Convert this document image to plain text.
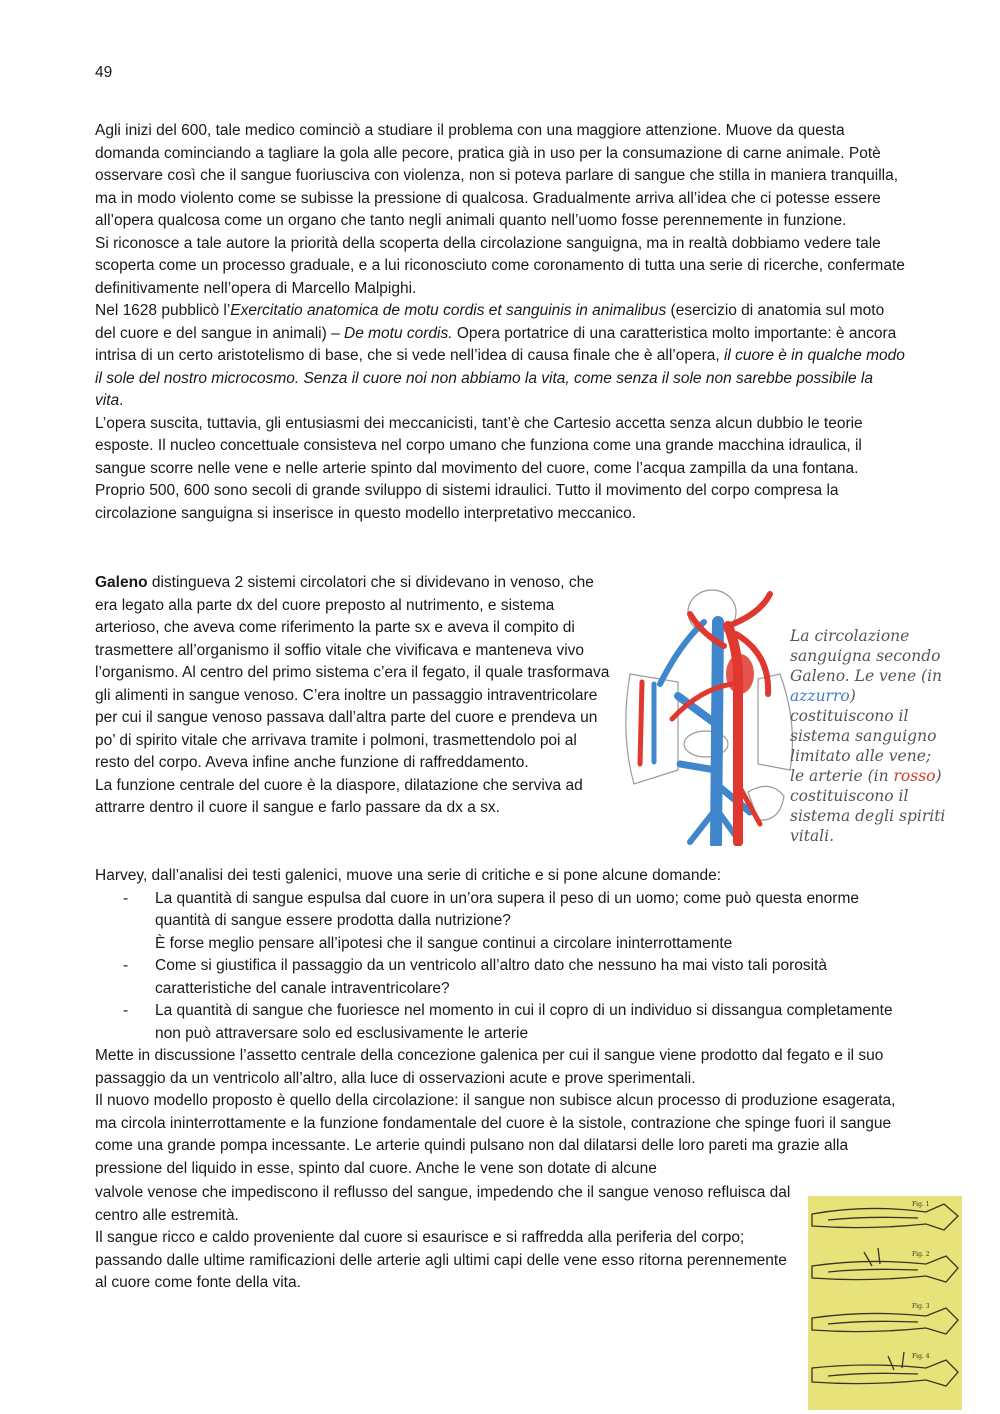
49

Agli inizi del 600, tale medico cominciò a studiare il problema con una maggiore attenzione. Muove da questa domanda cominciando a tagliare la gola alle pecore, pratica già in uso per la consumazione di carne animale. Potè osservare così che il sangue fuoriusciva con violenza, non si poteva parlare di sangue che stilla in maniera tranquilla, ma in modo violento come se subisse la pressione di qualcosa. Gradualmente arriva all’idea che ci potesse essere all’opera qualcosa come un organo che tanto negli animali quanto nell’uomo fosse perennemente in funzione.

Si riconosce a tale autore la priorità della scoperta della circolazione sanguigna, ma in realtà dobbiamo vedere tale scoperta come un processo graduale, e a lui riconosciuto come coronamento di tutta una serie di ricerche, confermate definitivamente nell’opera di Marcello Malpighi.

Nel 1628 pubblicò l’Exercitatio anatomica de motu cordis et sanguinis in animalibus (esercizio di anatomia sul moto del cuore e del sangue in animali) – De motu cordis. Opera portatrice di una caratteristica molto importante: è ancora intrisa di un certo aristotelismo di base, che si vede nell’idea di causa finale che è all’opera, il cuore è in qualche modo il sole del nostro microcosmo. Senza il cuore noi non abbiamo la vita, come senza il sole non sarebbe possibile la vita.

L’opera suscita, tuttavia, gli entusiasmi dei meccanicisti, tant’è che Cartesio accetta senza alcun dubbio le teorie esposte. Il nucleo concettuale consisteva nel corpo umano che funziona come una grande macchina idraulica, il sangue scorre nelle vene e nelle arterie spinto dal movimento del cuore, come l’acqua zampilla da una fontana. Proprio 500, 600 sono secoli di grande sviluppo di sistemi idraulici. Tutto il movimento del corpo compresa la circolazione sanguigna si inserisce in questo modello interpretativo meccanico.

Galeno distingueva 2 sistemi circolatori che si dividevano in venoso, che era legato alla parte dx del cuore preposto al nutrimento, e sistema arterioso, che aveva come riferimento la parte sx e aveva il compito di trasmettere all’organismo il soffio vitale che vivificava e manteneva vivo l’organismo. Al centro del primo sistema c’era il fegato, il quale trasformava gli alimenti in sangue venoso. C’era inoltre un passaggio intraventricolare per cui il sangue venoso passava dall’altra parte del cuore e prendeva un po’ di spirito vitale che arrivava tramite i polmoni, trasmettendolo poi al resto del corpo. Aveva infine anche funzione di raffreddamento.

La funzione centrale del cuore è la diaspore, dilatazione che serviva ad attrarre dentro il cuore il sangue e farlo passare da dx a sx.

La circolazione sanguigna secondo Galeno. Le vene (in azzurro) costituiscono il sistema sanguigno limitato alle vene; le arterie (in rosso) costituiscono il sistema degli spiriti vitali.

Harvey, dall’analisi dei testi galenici, muove una serie di critiche e si pone alcune domande:

- La quantità di sangue espulsa dal cuore in un’ora supera il peso di un uomo; come può questa enorme quantità di sangue essere prodotta dalla nutrizione?
È forse meglio pensare all’ipotesi che il sangue continui a circolare ininterrottamente
- Come si giustifica il passaggio da un ventricolo all’altro dato che nessuno ha mai visto tali porosità caratteristiche del canale intraventricolare?
- La quantità di sangue che fuoriesce nel momento in cui il copro di un individuo si dissangua completamente non può attraversare solo ed esclusivamente le arterie

Mette in discussione l’assetto centrale della concezione galenica per cui il sangue viene prodotto dal fegato e il suo passaggio da un ventricolo all’altro, alla luce di osservazioni acute e prove sperimentali.

Il nuovo modello proposto è quello della circolazione: il sangue non subisce alcun processo di produzione esagerata, ma circola ininterrottamente e la funzione fondamentale del cuore è la sistole, contrazione che spinge fuori il sangue come una grande pompa incessante. Le arterie quindi pulsano non dal dilatarsi delle loro pareti ma grazie alla pressione del liquido in esse, spinto dal cuore. Anche le vene son dotate di alcune

valvole venose che impediscono il reflusso del sangue, impedendo che il sangue venoso refluisca dal centro alle estremità.

Il sangue ricco e caldo proveniente dal cuore si esaurisce e si raffredda alla periferia del corpo; passando dalle ultime ramificazioni delle arterie agli ultimi capi delle vene esso ritorna perennemente al cuore come fonte della vita.

Fig. 1
Fig. 2
Fig. 3
Fig. 4
